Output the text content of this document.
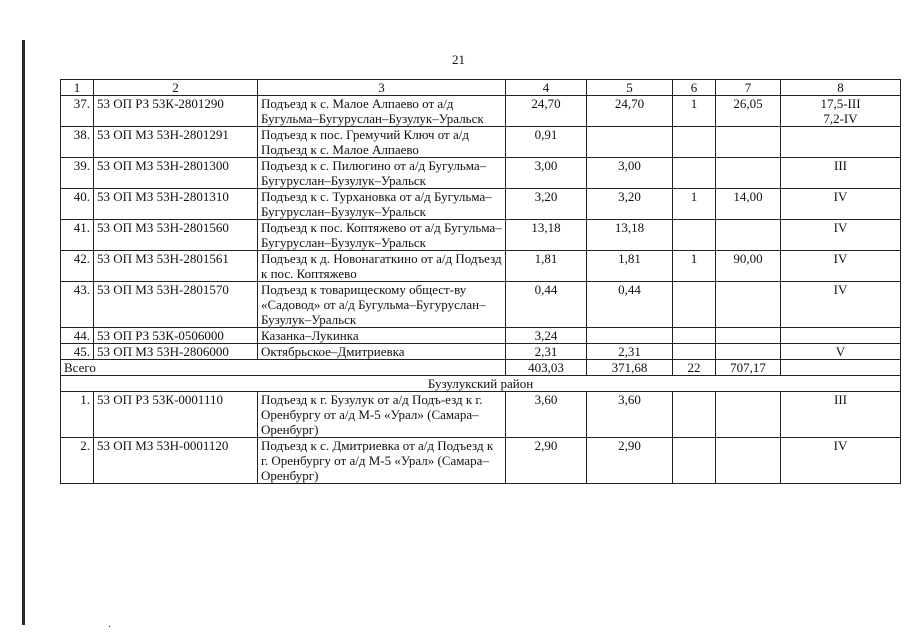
21
1	2	3	4	5	6	7	8
37.	53 ОП РЗ 53К-2801290	Подъезд к с. Малое Алпаево от а/д Бугульма–Бугуруслан–Бузулук–Уральск	24,70	24,70	1	26,05	17,5-III
7,2-IV
38.	53 ОП МЗ 53Н-2801291	Подъезд к пос. Гремучий Ключ от а/д Подъезд к с. Малое Алпаево	0,91				
39.	53 ОП МЗ 53Н-2801300	Подъезд к с. Пилюгино от а/д Бугульма–Бугуруслан–Бузулук–Уральск	3,00	3,00			III
40.	53 ОП МЗ 53Н-2801310	Подъезд к с. Турхановка от а/д Бугульма–Бугуруслан–Бузулук–Уральск	3,20	3,20	1	14,00	IV
41.	53 ОП МЗ 53Н-2801560	Подъезд к пос. Коптяжево от а/д Бугульма–Бугуруслан–Бузулук–Уральск	13,18	13,18			IV
42.	53 ОП МЗ 53Н-2801561	Подъезд к д. Новонагаткино от а/д Подъезд к пос. Коптяжево	1,81	1,81	1	90,00	IV
43.	53 ОП МЗ 53Н-2801570	Подъезд к товарищескому общест-ву «Садовод» от а/д Бугульма–Бугуруслан–Бузулук–Уральск	0,44	0,44			IV
44.	53 ОП РЗ 53К-0506000	Казанка–Лукинка	3,24				
45.	53 ОП МЗ 53Н-2806000	Октябрьское–Дмитриевка	2,31	2,31			V
Всего			403,03	371,68	22	707,17	
Бузулукский район							
1.	53 ОП РЗ 53К-0001110	Подъезд к г. Бузулук от а/д Подъ-езд к г. Оренбургу от а/д М-5 «Урал» (Самара–Оренбург)	3,60	3,60			III
2.	53 ОП МЗ 53Н-0001120	Подъезд к с. Дмитриевка от а/д Подъезд к г. Оренбургу от а/д М-5 «Урал» (Самара–Оренбург)	2,90	2,90			IV
·
